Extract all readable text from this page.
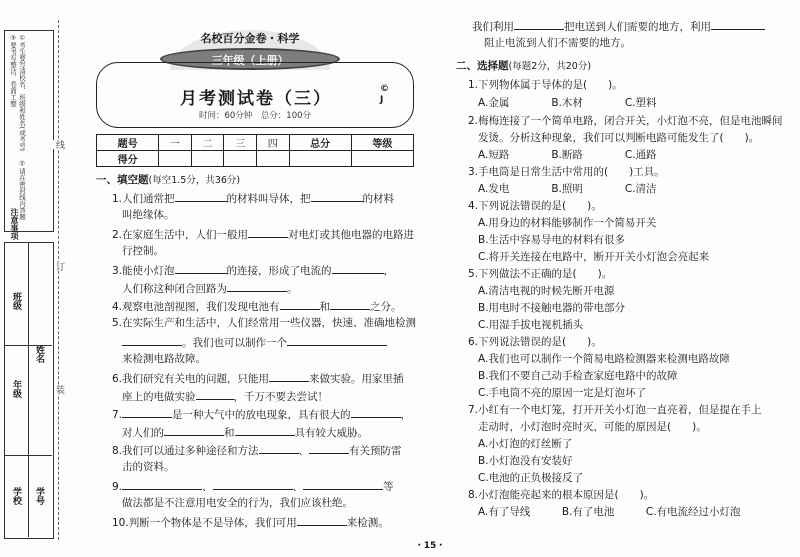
①考生要写清校名、班级和姓名(或考号)　 ②请在密封线内答题　 ③要书写整洁、卷面工整
注意事项
线
订
装
班级
年级
姓名
学校 学号
名校百分金卷・科学
三年级（上册）
月考测试卷（三）	©J
时间：60分钟　总分：100分
题号	一	二	三	四	总分	等级
得分						
一、填空题(每空1.5分，共36分)
1.人们通常把	的材料叫导体，把	的材料
叫绝缘体。
2.在家庭生活中，人们一般用	对电灯或其他电器的电路进
行控制。
3.能使小灯泡	的连接，形成了电流的	，
人们称这种闭合回路为	。
4.观察电池剖视图，我们发现电池有	和	之分。
5.在实际生产和生活中，人们经常用一些仪器，快速、准确地检测
。我们也可以制作一个
来检测电路故障。
6.我们研究有关电的问题，只能用	来做实验。用家里插
座上的电做实验	，千万不要去尝试！
7.	是一种大气中的放电现象，具有很大的	，
对人们的	和	具有较大威胁。
8.我们可以通过多种途径和方法	、	有关预防雷
击的资料。
9.	、	、	等
做法都是不注意用电安全的行为，我们应该杜绝。
10.判断一个物体是不是导体，我们可用	来检测。
我们利用	把电送到人们需要的地方，利用
阻止电流到人们不需要的地方。
二、选择题(每题2分，共20分)
1.下列物体属于导体的是(　　)。
A.金属　　　　B.木材　　　　C.塑料
2.梅梅连接了一个简单电路，闭合开关，小灯泡不亮，但是电池瞬间
发烫。分析这种现象，我们可以判断电路可能发生了(　　)。
A.短路　　　　B.断路　　　　C.通路
3.手电筒是日常生活中常用的(　　)工具。
A.发电　　　　B.照明　　　　C.清洁
4.下列说法错误的是(　　)。
A.用身边的材料能够制作一个简易开关
B.生活中容易导电的材料有很多
C.将开关连接在电路中，断开开关小灯泡会亮起来
5.下列做法不正确的是(　　)。
A.清洁电视的时候先断开电源
B.用电时不接触电器的带电部分
C.用湿手拔电视机插头
6.下列说法错误的是(　　)。
A.我们也可以制作一个简易电路检测器来检测电路故障
B.我们不要自己动手检查家庭电路中的故障
C.手电筒不亮的原因一定是灯泡坏了
7.小红有一个电灯笼，打开开关小灯泡一直亮着，但是提在手上
走动时，小灯泡时亮时灭，可能的原因是(　　)。
A.小灯泡的灯丝断了
B.小灯泡没有安装好
C.电池的正负极接反了
8.小灯泡能亮起来的根本原因是(　　)。
A.有了导线　　　B.有了电池　　　C.有电流经过小灯泡
・15・
